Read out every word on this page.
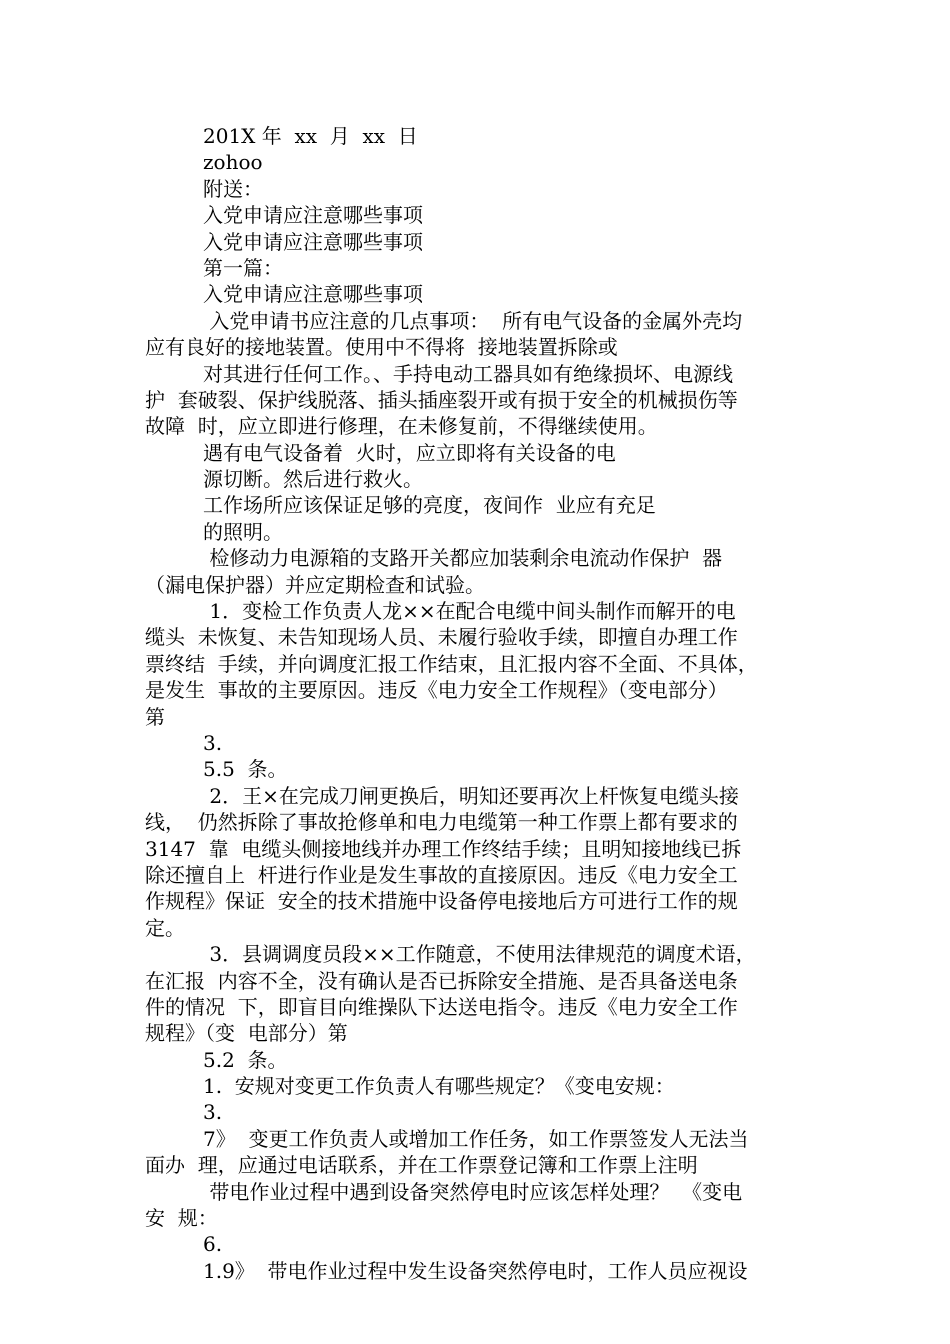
201X 年  xx  月  xx  日
zohoo
附送：
入党申请应注意哪些事项
入党申请应注意哪些事项
第一篇：
入党申请应注意哪些事项
入党申请书应注意的几点事项：  所有电气设备的金属外壳均
应有良好的接地装置。使用中不得将  接地装置拆除或
对其进行任何工作。、手持电动工器具如有绝缘损坏、电源线
护  套破裂、保护线脱落、插头插座裂开或有损于安全的机械损伤等
故障  时，应立即进行修理，在未修复前，不得继续使用。
遇有电气设备着  火时，应立即将有关设备的电
源切断。然后进行救火。
工作场所应该保证足够的亮度，夜间作  业应有充足
的照明。
检修动力电源箱的支路开关都应加装剩余电流动作保护  器
（漏电保护器）并应定期检查和试验。
1．变检工作负责人龙××在配合电缆中间头制作而解开的电
缆头  未恢复、未告知现场人员、未履行验收手续，即擅自办理工作
票终结  手续，并向调度汇报工作结束，且汇报内容不全面、不具体，
是发生  事故的主要原因。违反《电力安全工作规程》（变电部分）
第
3.
5.5  条。
2．王×在完成刀闸更换后，明知还要再次上杆恢复电缆头接
线，  仍然拆除了事故抢修单和电力电缆第一种工作票上都有要求的
3147  靠  电缆头侧接地线并办理工作终结手续；且明知接地线已拆
除还擅自上  杆进行作业是发生事故的直接原因。违反《电力安全工
作规程》保证  安全的技术措施中设备停电接地后方可进行工作的规
定。
3．县调调度员段××工作随意，不使用法律规范的调度术语，
在汇报  内容不全，没有确认是否已拆除安全措施、是否具备送电条
件的情况  下，即盲目向维操队下达送电指令。违反《电力安全工作
规程》（变  电部分）第
5.2  条。
1.  安规对变更工作负责人有哪些规定？《变电安规：
3.
7》  变更工作负责人或增加工作任务，如工作票签发人无法当
面办  理，应通过电话联系，并在工作票登记簿和工作票上注明
带电作业过程中遇到设备突然停电时应该怎样处理？  《变电
安  规：
6.
1.9》  带电作业过程中发生设备突然停电时，工作人员应视设
